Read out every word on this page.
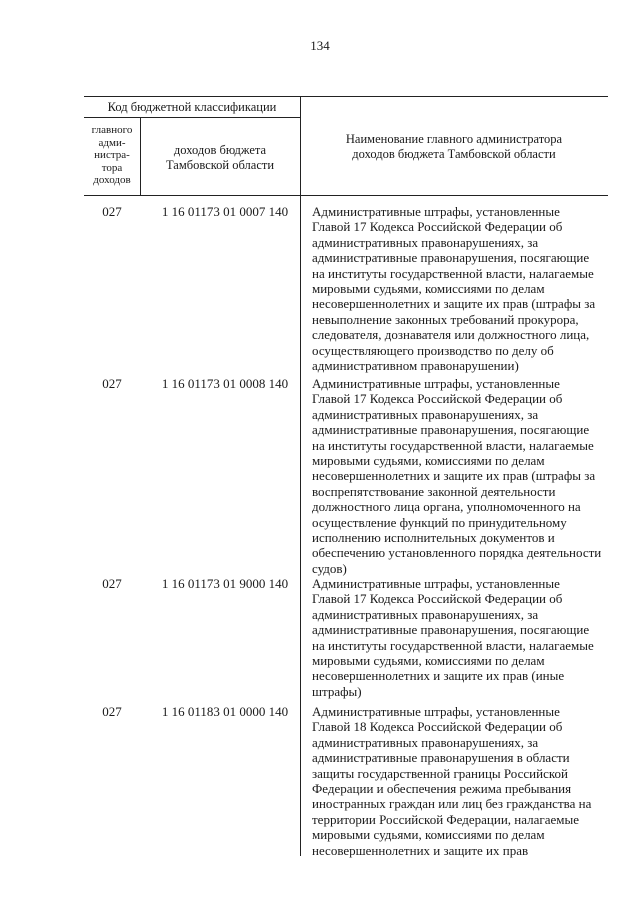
134
Код бюджетной классификации
главного
адми-
нистра-
тора
доходов
доходов бюджета
Тамбовской области
Наименование главного администратора
доходов бюджета Тамбовской области
027	1 16 01173 01 0007 140	Административные штрафы, установленные
Главой 17 Кодекса Российской Федерации об
административных правонарушениях, за
административные правонарушения, посягающие
на институты государственной власти, налагаемые
мировыми судьями, комиссиями по делам
несовершеннолетних и защите их прав (штрафы за
невыполнение законных требований прокурора,
следователя, дознавателя или должностного лица,
осуществляющего производство по делу об
административном правонарушении)
027	1 16 01173 01 0008 140	Административные штрафы, установленные
Главой 17 Кодекса Российской Федерации об
административных правонарушениях, за
административные правонарушения, посягающие
на институты государственной власти, налагаемые
мировыми судьями, комиссиями по делам
несовершеннолетних и защите их прав (штрафы за
воспрепятствование законной деятельности
должностного лица органа, уполномоченного на
осуществление функций по принудительному
исполнению исполнительных документов и
обеспечению установленного порядка деятельности
судов)
027	1 16 01173 01 9000 140	Административные штрафы, установленные
Главой 17 Кодекса Российской Федерации об
административных правонарушениях, за
административные правонарушения, посягающие
на институты государственной власти, налагаемые
мировыми судьями, комиссиями по делам
несовершеннолетних и защите их прав (иные
штрафы)
027	1 16 01183 01 0000 140	Административные штрафы, установленные
Главой 18 Кодекса Российской Федерации об
административных правонарушениях, за
административные правонарушения в области
защиты государственной границы Российской
Федерации и обеспечения режима пребывания
иностранных граждан или лиц без гражданства на
территории Российской Федерации, налагаемые
мировыми судьями, комиссиями по делам
несовершеннолетних и защите их прав
